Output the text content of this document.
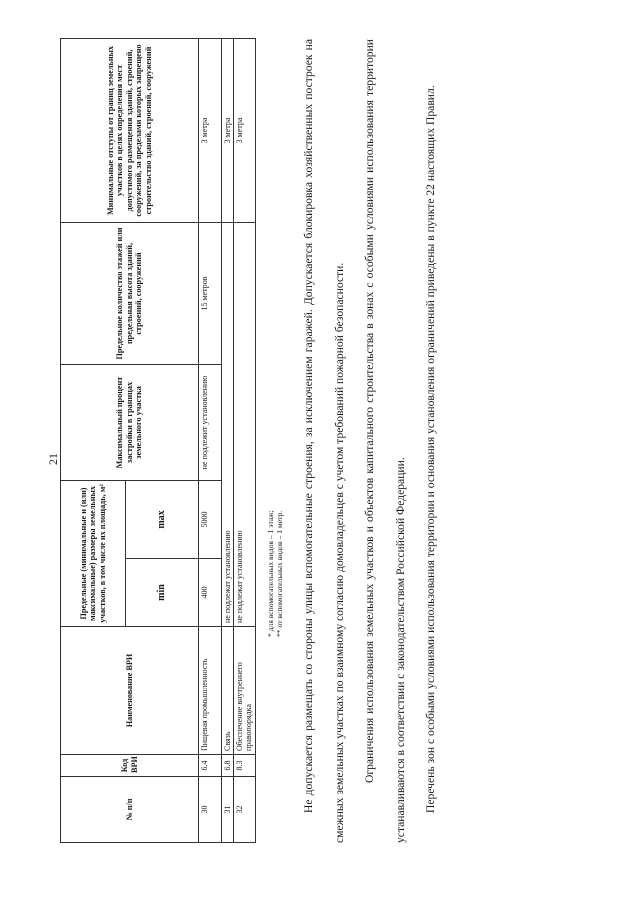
21
№ п/п	Код ВРИ	Наименование ВРИ	Предельные (минимальные и (или) максимальные) размеры земельных участков, в том числе их площадь, м²		Максимальный процент застройки в границах земельного участка	Предельное количество этажей или предельная высота зданий, строений, сооружений	Минимальные отступы от границ земельных участков в целях определения мест допустимого размещения зданий, строений, сооружений, за пределами которых запрещено строительство зданий, строений, сооружений
			min	max			
30	6.4	Пищевая промышленность	400	5000	не подлежит установлению	15 метров	3 метра
31	6.8	Связь	не подлежат установлению				3 метра
32	8.3	Обеспечение внутреннего правопорядка	не подлежат установлению				3 метра
* для вспомогательных видов – 1 этаж; ** от вспомогательных видов – 1 метр.	Не допускается размещать со стороны улицы вспомогательные строения, за исключением гаражей. Допускается блокировка хозяйственных построек на смежных земельных участках по взаимному согласию домовладельцев с учетом требований пожарной безопасности.	Ограничения использования земельных участков и объектов капитального строительства в зонах с особыми условиями использования территории устанавливаются в соответствии с законодательством Российской Федерации.	Перечень зон с особыми условиями использования территории и основания установления ограничений приведены в пункте 22 настоящих Правил.
